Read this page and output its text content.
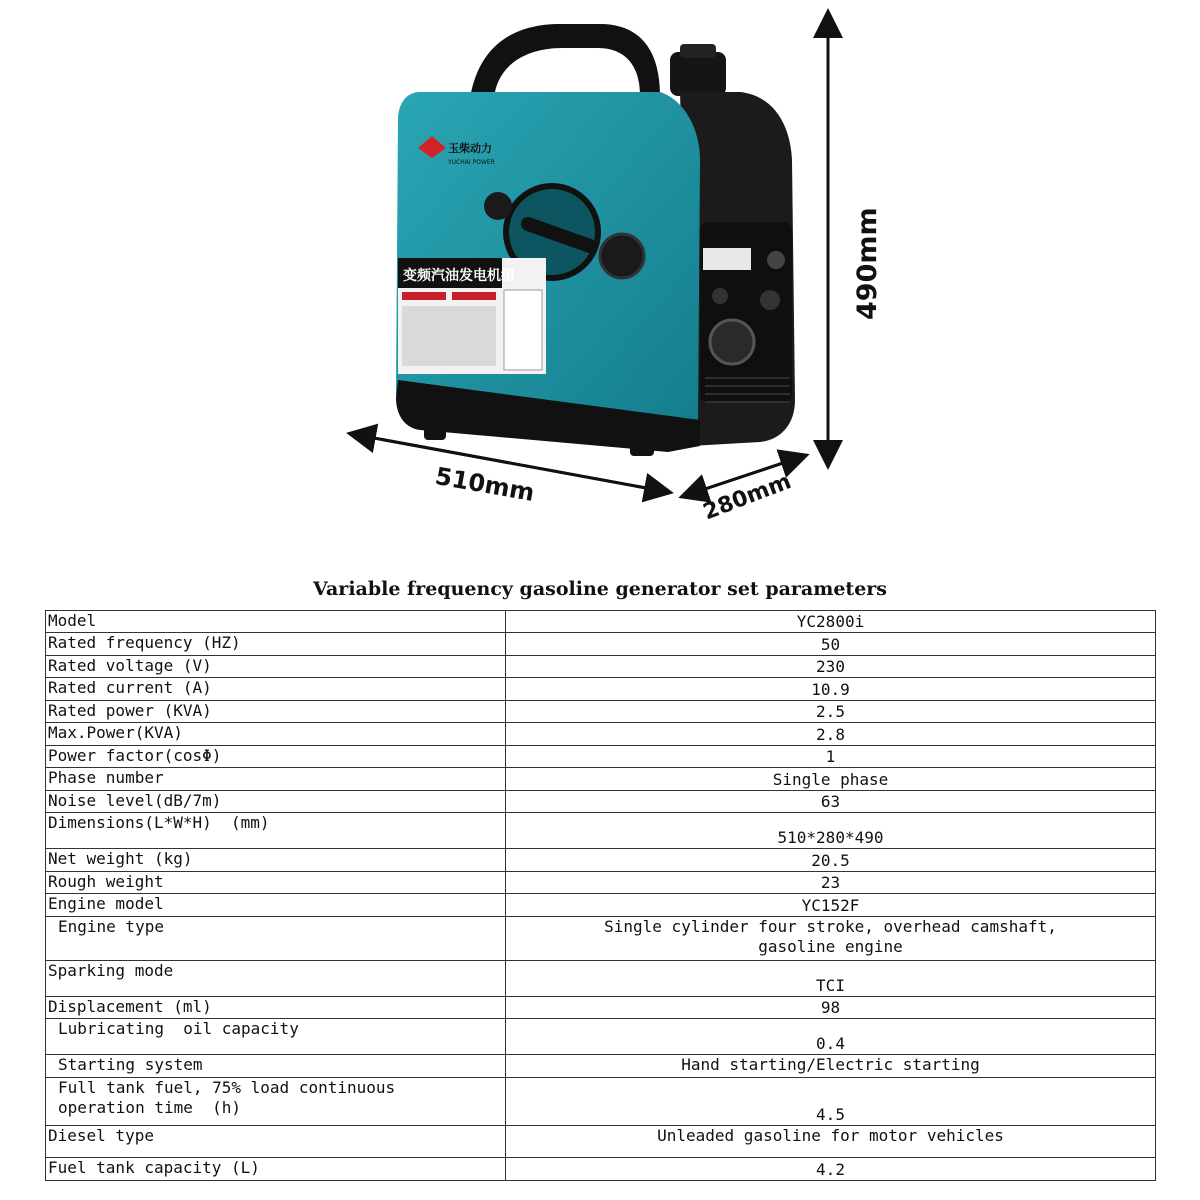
玉柴动力
YUCHAI POWER
变频汽油发电机组
510mm	280mm
490mm
Variable frequency gasoline generator set parameters
Model	YC2800i
Rated frequency (HZ)	50
Rated voltage (V)	230
Rated current (A)	10.9
Rated power (KVA)	2.5
Max.Power(KVA)	2.8
Power factor(cosΦ)	1
Phase number	Single phase
Noise level(dB/7m)	63
Dimensions(L*W*H)  (mm)	510*280*490
Net weight (kg)	20.5
Rough weight	23
Engine model	YC152F
Engine type	Single cylinder four stroke, overhead camshaft,
gasoline engine
Sparking mode	TCI
Displacement (ml)	98
Lubricating  oil capacity	0.4
Starting system	Hand starting/Electric starting
Full tank fuel, 75% load continuous
operation time  (h)	4.5
Diesel type	Unleaded gasoline for motor vehicles
Fuel tank capacity (L)	4.2
